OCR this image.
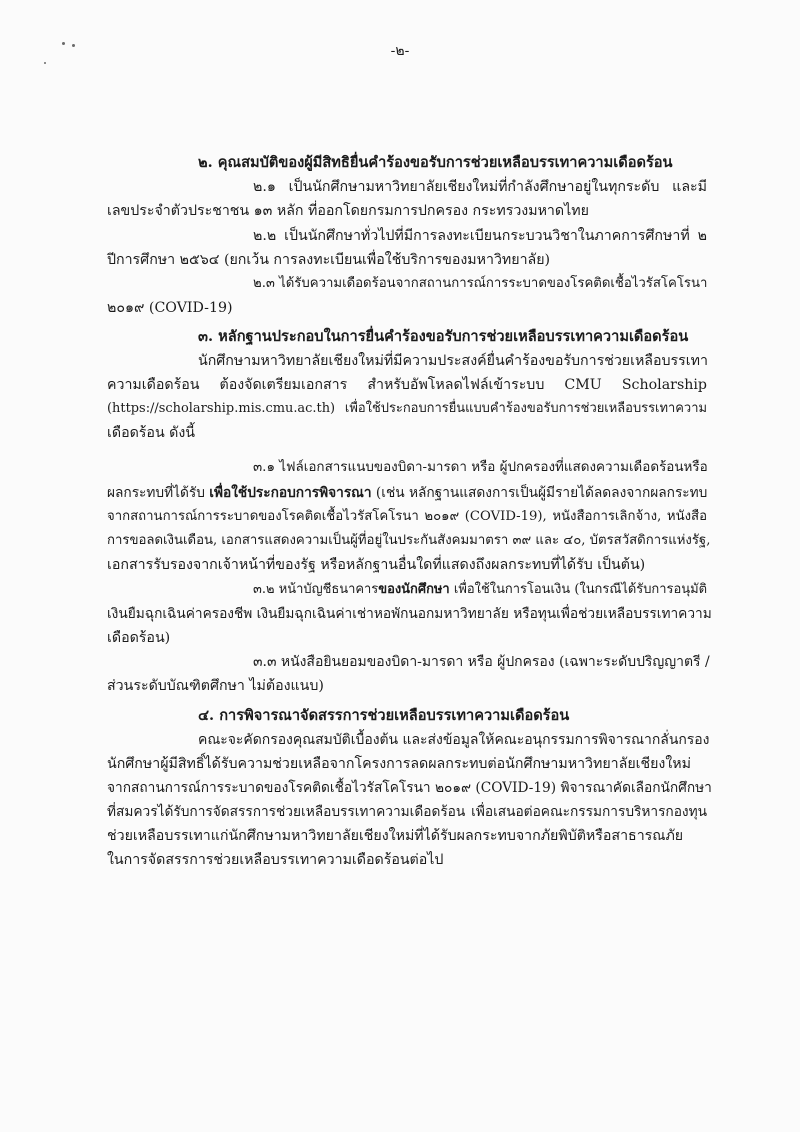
-๒-
๒. คุณสมบัติของผู้มีสิทธิยื่นคำร้องขอรับการช่วยเหลือบรรเทาความเดือดร้อน
๒.๑ เป็นนักศึกษามหาวิทยาลัยเชียงใหม่ที่กำลังศึกษาอยู่ในทุกระดับ และมี
เลขประจำตัวประชาชน ๑๓ หลัก ที่ออกโดยกรมการปกครอง กระทรวงมหาดไทย
๒.๒ เป็นนักศึกษาทั่วไปที่มีการลงทะเบียนกระบวนวิชาในภาคการศึกษาที่ ๒
ปีการศึกษา ๒๕๖๔ (ยกเว้น การลงทะเบียนเพื่อใช้บริการของมหาวิทยาลัย)
๒.๓ ได้รับความเดือดร้อนจากสถานการณ์การระบาดของโรคติดเชื้อไวรัสโคโรนา
๒๐๑๙ (COVID-19)
๓. หลักฐานประกอบในการยื่นคำร้องขอรับการช่วยเหลือบรรเทาความเดือดร้อน
นักศึกษามหาวิทยาลัยเชียงใหม่ที่มีความประสงค์ยื่นคำร้องขอรับการช่วยเหลือบรรเทา
ความเดือดร้อน ต้องจัดเตรียมเอกสาร สำหรับอัพโหลดไฟล์เข้าระบบ CMU Scholarship
(https://scholarship.mis.cmu.ac.th) เพื่อใช้ประกอบการยื่นแบบคำร้องขอรับการช่วยเหลือบรรเทาความ
เดือดร้อน ดังนี้
๓.๑ ไฟล์เอกสารแนบของบิดา-มารดา หรือ ผู้ปกครองที่แสดงความเดือดร้อนหรือ
ผลกระทบที่ได้รับ เพื่อใช้ประกอบการพิจารณา (เช่น หลักฐานแสดงการเป็นผู้มีรายได้ลดลงจากผลกระทบ
จากสถานการณ์การระบาดของโรคติดเชื้อไวรัสโคโรนา ๒๐๑๙ (COVID-19), หนังสือการเลิกจ้าง, หนังสือ
การขอลดเงินเดือน, เอกสารแสดงความเป็นผู้ที่อยู่ในประกันสังคมมาตรา ๓๙ และ ๔๐, บัตรสวัสดิการแห่งรัฐ,
เอกสารรับรองจากเจ้าหน้าที่ของรัฐ หรือหลักฐานอื่นใดที่แสดงถึงผลกระทบที่ได้รับ เป็นต้น)
๓.๒ หน้าบัญชีธนาคารของนักศึกษา เพื่อใช้ในการโอนเงิน (ในกรณีได้รับการอนุมัติ
เงินยืมฉุกเฉินค่าครองชีพ เงินยืมฉุกเฉินค่าเช่าหอพักนอกมหาวิทยาลัย หรือทุนเพื่อช่วยเหลือบรรเทาความ
เดือดร้อน)
๓.๓ หนังสือยินยอมของบิดา-มารดา หรือ ผู้ปกครอง (เฉพาะระดับปริญญาตรี /
ส่วนระดับบัณฑิตศึกษา ไม่ต้องแนบ)
๔. การพิจารณาจัดสรรการช่วยเหลือบรรเทาความเดือดร้อน
คณะจะคัดกรองคุณสมบัติเบื้องต้น และส่งข้อมูลให้คณะอนุกรรมการพิจารณากลั่นกรอง
นักศึกษาผู้มีสิทธิ์ได้รับความช่วยเหลือจากโครงการลดผลกระทบต่อนักศึกษามหาวิทยาลัยเชียงใหม่
จากสถานการณ์การระบาดของโรคติดเชื้อไวรัสโคโรนา ๒๐๑๙ (COVID-19) พิจารณาคัดเลือกนักศึกษา
ที่สมควรได้รับการจัดสรรการช่วยเหลือบรรเทาความเดือดร้อน เพื่อเสนอต่อคณะกรรมการบริหารกองทุน
ช่วยเหลือบรรเทาแก่นักศึกษามหาวิทยาลัยเชียงใหม่ที่ได้รับผลกระทบจากภัยพิบัติหรือสาธารณภัย
ในการจัดสรรการช่วยเหลือบรรเทาความเดือดร้อนต่อไป
